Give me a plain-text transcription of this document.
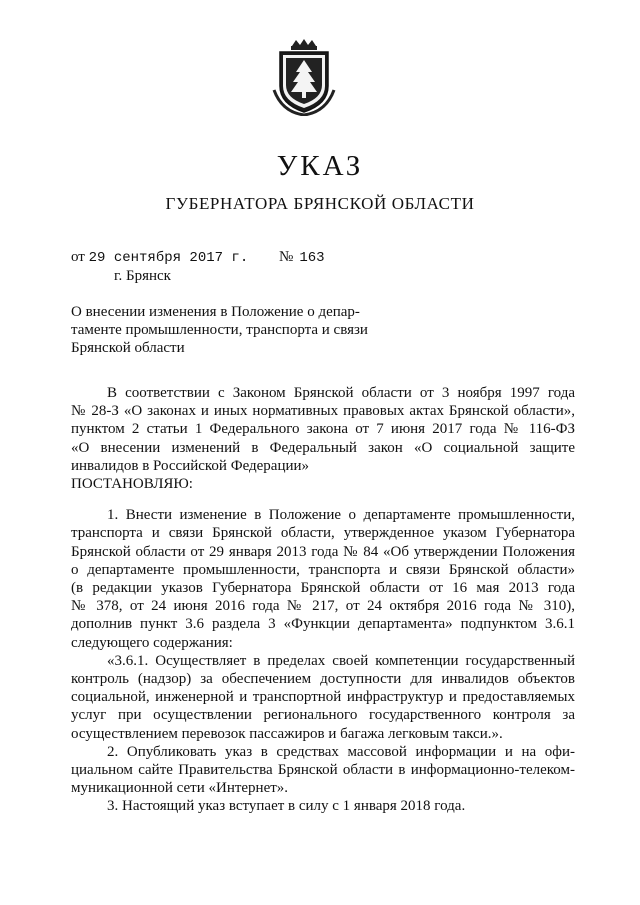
УКАЗ
ГУБЕРНАТОРА БРЯНСКОЙ ОБЛАСТИ
от 29 сентября 2017 г. № 163
г. Брянск

О внесении изменения в Положение о депар-

таменте промышленности, транспорта и связи

Брянской области

В соответствии с Законом Брянской области от 3 ноября 1997 года
№ 28-З «О законах и иных нормативных правовых актах Брянской области»,
пунктом 2 статьи 1 Федерального закона от 7 июня 2017 года № 116-ФЗ
«О внесении изменений в Федеральный закон «О социальной защите
инвалидов в Российской Федерации»
ПОСТАНОВЛЯЮ:
1. Внести изменение в Положение о департаменте промышленности,
транспорта и связи Брянской области, утвержденное указом Губернатора
Брянской области от 29 января 2013 года № 84 «Об утверждении Положения
о департаменте промышленности, транспорта и связи Брянской области»
(в редакции указов Губернатора Брянской области от 16 мая 2013 года
№ 378, от 24 июня 2016 года № 217, от 24 октября 2016 года № 310),
дополнив пункт 3.6 раздела 3 «Функции департамента» подпунктом 3.6.1
следующего содержания:
«3.6.1. Осуществляет в пределах своей компетенции государственный
контроль (надзор) за обеспечением доступности для инвалидов объектов
социальной, инженерной и транспортной инфраструктур и предоставляемых
услуг при осуществлении регионального государственного контроля за
осуществлением перевозок пассажиров и багажа легковым такси.».
2. Опубликовать указ в средствах массовой информации и на офи-
циальном сайте Правительства Брянской области в информационно-телеком-
муникационной сети «Интернет».
3. Настоящий указ вступает в силу с 1 января 2018 года.
